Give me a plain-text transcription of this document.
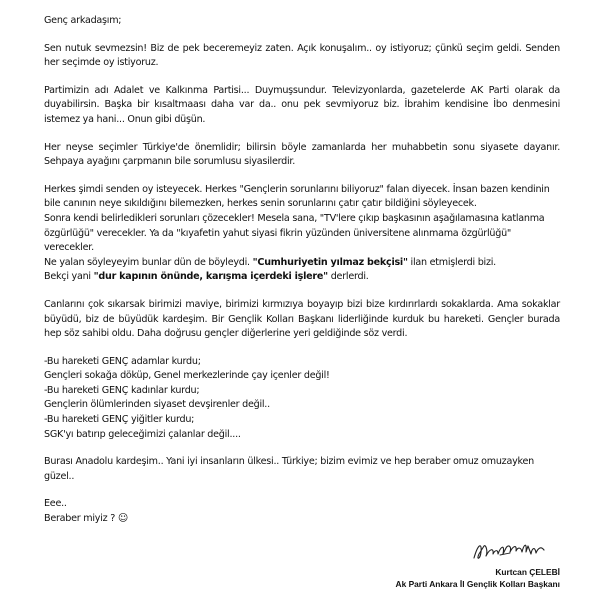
Genç arkadaşım;

Sen nutuk sevmezsin! Biz de pek beceremeyiz zaten. Açık konuşalım.. oy istiyoruz; çünkü seçim geldi. Senden her seçimde oy istiyoruz.

Partimizin adı Adalet ve Kalkınma Partisi... Duymuşsundur. Televizyonlarda, gazetelerde AK Parti olarak da duyabilirsin. Başka bir kısaltmaası daha var da.. onu pek sevmiyoruz biz. İbrahim kendisine İbo denmesini istemez ya hani... Onun gibi düşün.

Her neyse seçimler Türkiye'de önemlidir; bilirsin böyle zamanlarda her muhabbetin sonu siyasete dayanır. Sehpaya ayağını çarpmanın bile sorumlusu siyasilerdir.

Herkes şimdi senden oy isteyecek. Herkes "Gençlerin sorunlarını biliyoruz" falan diyecek. İnsan bazen kendinin bile canının neye sıkıldığını bilemezken, herkes senin sorunlarını çatır çatır bildiğini söyleyecek.
Sonra kendi belirledikleri sorunları çözecekler! Mesela sana, "TV'lere çıkıp başkasının aşağılamasına katlanma özgürlüğü" verecekler. Ya da "kıyafetin yahut siyasi fikrin yüzünden üniversitene alınmama özgürlüğü" verecekler.
Ne yalan söyleyeyim bunlar dün de böyleydi. "Cumhuriyetin yılmaz bekçisi" ilan etmişlerdi bizi.
Bekçi yani "dur kapının önünde, karışma içerdeki işlere" derlerdi.

Canlarını çok sıkarsak birimizi maviye, birimizi kırmızıya boyayıp bizi bize kırdırırlardı sokaklarda. Ama sokaklar büyüdü, biz de büyüdük kardeşim. Bir Gençlik Kolları Başkanı liderliğinde kurduk bu hareketi. Gençler burada hep söz sahibi oldu. Daha doğrusu gençler diğerlerine yeri geldiğinde söz verdi.

-Bu hareketi GENÇ adamlar kurdu;
Gençleri sokağa döküp, Genel merkezlerinde çay içenler değil!
-Bu hareketi GENÇ kadınlar kurdu;
Gençlerin ölümlerinden siyaset devşirenler değil..
-Bu hareketi GENÇ yiğitler kurdu;
SGK'yı batırıp geleceğimizi çalanlar değil....

Burası Anadolu kardeşim.. Yani iyi insanların ülkesi.. Türkiye; bizim evimiz ve hep beraber omuz omuzayken güzel..

Eee..
Beraber miyiz ? ☺
Kurtcan ÇELEBİ
Ak Parti Ankara İl Gençlik Kolları Başkanı
